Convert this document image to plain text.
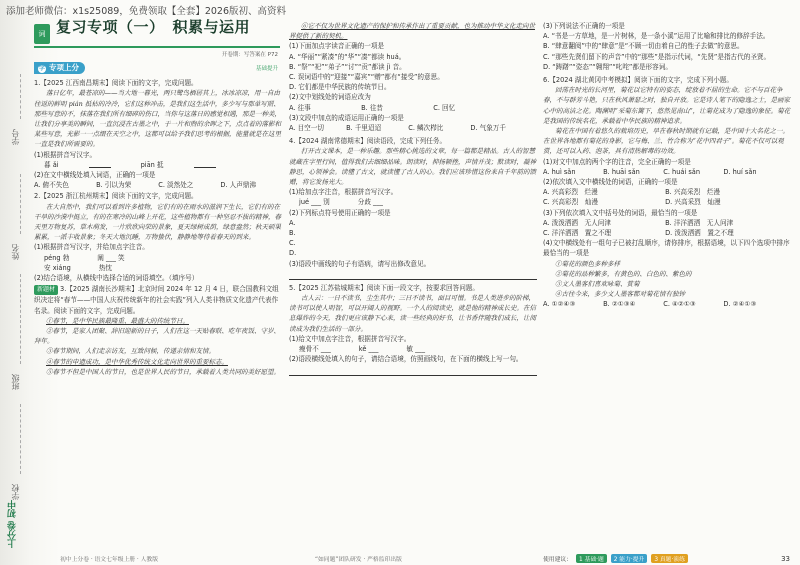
添加老师微信：x1s25089，免费领取【全套】2026版初、高资料
学号
姓名
班级
学校
上分卷 初中
词 复习专项（一）　积累与运用
开卷期：写答案在 P72
学 专项上分	基础提升

1.【2025 江西南昌期末】阅读下面的文字，完成问题。

落日亿年，最苍凉的——当大地一暮光，两只鹭鸟栖居其上，冰冰凉凉，用一自由往返的鲜明 pián 抵枯的冷冷，它们这种冲击，是我们这生活中，多少写与那单写照、那些写意的不，抹落在我们所有细碎的伤口，当你与这落日的感觉相遇，那是一种美，让我们分享美的瞬间，一直沉浸在古墨之中，于一片和煦的余晖之下，点点着的落影和某些写意，光影一一点缀在天空之中，这都可以给予我们思考的根据，能量就是在这里一直是我们所需要的。

(1)根据拼音写汉字。

暮 ǎi	piān 抵

(2)在文中横线处填入词语，正确的一项是

A. 俯不失色	B. 引以为荣	C. 淡然处之	D. 人声鼎沸

2.【2025 浙江杭州期末】阅读下面的文字，完成问题。

在大自然中，我们可以看到许多植物，它们有的在雨水的滋润下生长，它们有的在干旱的沙漠中挺立，有的在寒冷的山峰上开花，这些植物都有一种坚忍不拔的精神，春天里万物复苏，草木萌发，一片欣欣向荣的景象，夏天绿树成荫，绿意盎然；秋天硕果累累，一派丰收景象；冬天大地沉睡，万物蛰伏，静静地等待着春天的到来。

(1)根据拼音写汉字，并给加点字注音。

péng 勃	阐 ___ 笑
安 xiáng	热忱

(2)结合语境，从横线中选择合适的词语填空。（填序号）

新题材 3.【2025 湖南长沙期末】北京时间 2024 年 12 月 4 日，联合国教科文组织决定将“春节——中国人庆祝传统新年的社会实践”列入人类非物质文化遗产代表作名录。阅读下面的文字，完成问题。

①春节，是中华民族最隆重、最盛大的传统节日。

②春节，是家人团聚、辞旧迎新的日子，人们在这一天贴春联、吃年夜饭、守岁、拜年。

③春节期间，人们走亲访友，互致问候，传递亲情和友情。

④春节的申遗成功，是中华优秀传统文化走向世界的重要标志。

⑤春节不但是中国人的节日，也是世界人民的节日，承载着人类共同的美好愿望。

⑥它不仅为世界文化遗产的保护和传承作出了重要贡献，也为推动中华文化走向世界提供了新的契机。

(1)下面加点字读音正确的一项是

A. “华丽”“紧凑”的“华”“凑”都读 huá。

B. “祭”“祀”“弟子”“讨”“贡”都读 jì 音。

C. 误词语中的“迎接”“嘉宾”“赠”都有“接受”的意思。

D. 它们都是中华民族的传统节日。

(2)文中划线处的词语应改为

A. 往事	B. 往昔	C. 回忆

(3)文段中加点的成语运用正确的一项是

A. 目空一切	B. 千里迢迢	C. 鳞次栉比	D. 气象万千

4.【2024 湖南常德期末】阅读语段，完成下列任务。

打开古文课本，是一种乐趣。那些精心挑选的文章，每一篇都是精品。古人的智慧就藏在字里行间，值得我们去细细品味。朗读时，抑扬顿挫，声情并茂；默读时，凝神静思，心领神会。读懂了古文，就读懂了古人的心。我们应该珍惜这份来自千年前的馈赠，将它发扬光大。

(1)给加点字注音，根据拼音写汉字。

jué ___ 别	分歧 ___

(2)下列标点符号使用正确的一项是

A.

B.

C.

D.

(3)语段中画线的句子有语病，请写出修改意见。

5.【2025 江苏盐城期末】阅读下面一段文字，按要求回答问题。

古人云：一日不读书，尘生其中；三日不读书，面目可憎。书是人类进步的阶梯，读书可以使人明智，可以开阔人的视野。一个人的阅读史，就是他的精神成长史。在信息爆炸的今天，我们更应该静下心来，读一些经典的好书，让书香伴随我们成长，让阅读成为我们生活的一部分。

(1)给文中加点字注音，根据拼音写汉字。

瘦骨不 ___	kě ___	敏 ___

(2)语段横线处填入的句子，请结合语境，仿照画线句，在下面的横线上写一句。

(3)下列说法不正确的一项是

A. “书是一方草地，是一片树林，是一条小溪”运用了比喻和排比的修辞手法。

B. “肆意翻阅”中的“肆意”是“不顾一切由着自己的性子去做”的意思。

C. “那些先贤们留下的声音”中的“那些”是指示代词，“先贤”是指古代的圣贤。

D. “踌躇”“姿态”“翱翔”“叱咤”都是形容词。

6.【2024 湖北黄冈中考模拟】阅读下面的文字，完成下列小题。

回荡在时光的长河里，菊花以它特有的姿态，绽放着不屈的生命。它不与百花争春，不与群芳斗艳，只在秋风萧瑟之时，独自开放。它是诗人笔下的隐逸之士，是画家心中的高洁之花。陶渊明“采菊东篱下，悠然见南山”，让菊花成为了隐逸的象征。菊花是我国的传统名花，承载着中华民族的精神追求。

菊花在中国有着悠久的栽培历史，早在春秋时期就有记载，是中国十大名花之一。在世界各地都有菊花的身影，它与梅、兰、竹合称为“花中四君子”。菊花不仅可以观赏，还可以入药、泡茶，具有清热解毒的功效。

(1)对文中加点的两个字的注音，完全正确的一项是

A. huì sǎn	B. huāi sǎn	C. huái sǎn	D. huí sǎn

(2)依次填入文中横线处的词语，正确的一项是

A. 兴高彩烈　烂漫	B. 兴高采烈　烂漫

C. 兴高彩烈　灿漫	D. 兴高采烈　灿漫

(3)下列依次填入文中括号处的词语，最恰当的一项是

A. 泼泼洒洒　无人问津	B. 洋洋洒洒　无人问津

C. 洋洋洒洒　置之不理	D. 泼泼洒洒　置之不理

(4)文中横线处有一组句子已被打乱顺序，请你排序，根据语境，以下四个选项中排序最恰当的一项是

①菊花的颜色多种多样

②菊花的品种繁多，有黄色的、白色的、紫色的

③文人墨客们喜欢咏菊、赏菊

④古往今来，多少文人墨客都对菊花情有独钟

A. ①②④③	B. ②①③④	C. ④②①③	D. ②④①③

初中上分卷 · 语文七年级上册 · 人教版	“如同题”团队研发 · 严格监印出版	使用建议：	1 基础·题	2 能力·提升	3 真题·演练	33
